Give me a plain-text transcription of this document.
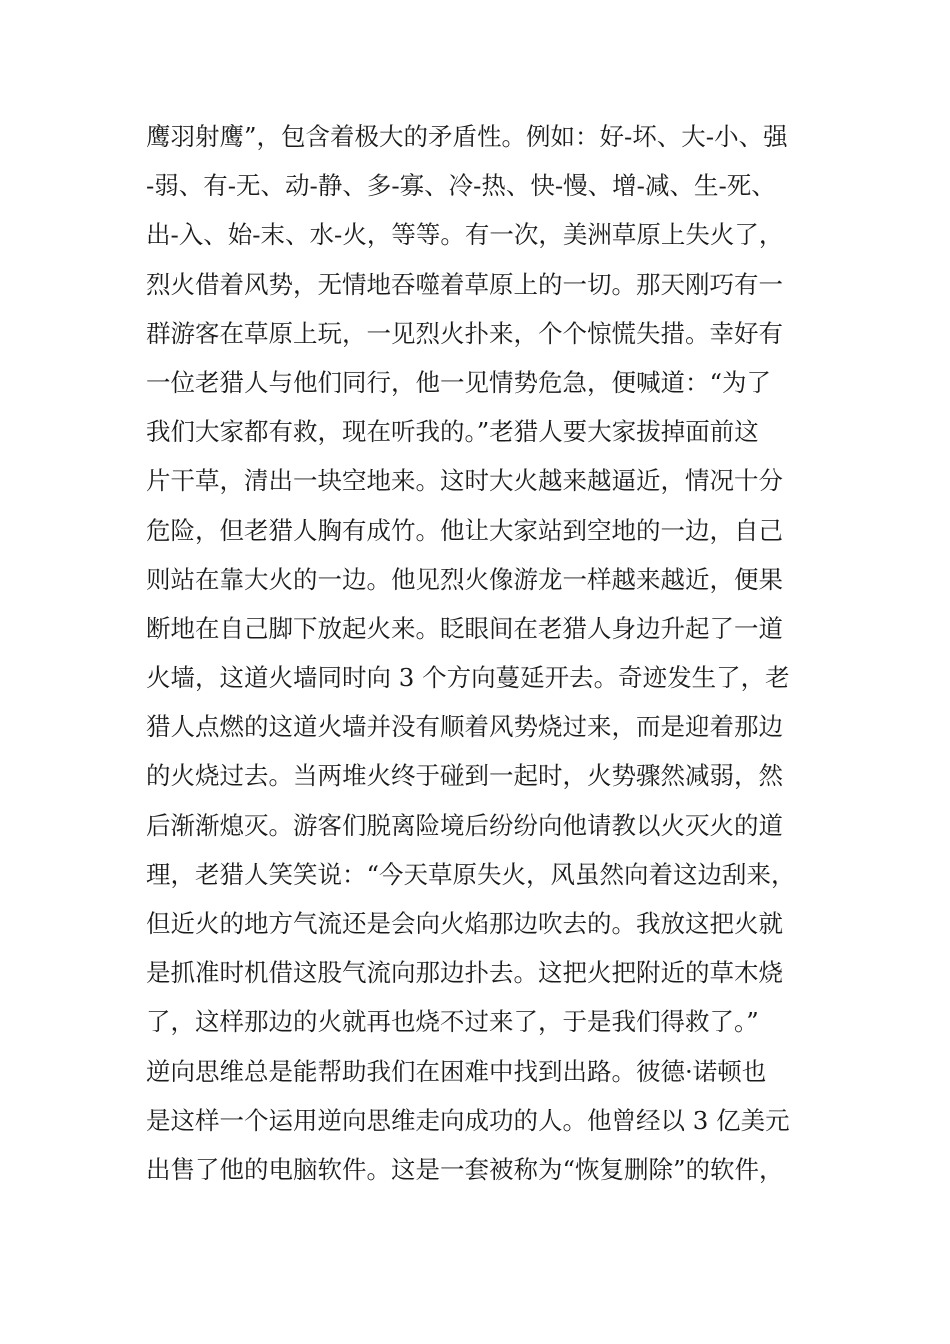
鹰羽射鹰”，包含着极大的矛盾性。例如：好-坏、大-小、强
-弱、有-无、动-静、多-寡、冷-热、快-慢、增-减、生-死、
出-入、始-末、水-火，等等。有一次，美洲草原上失火了，
烈火借着风势，无情地吞噬着草原上的一切。那天刚巧有一
群游客在草原上玩，一见烈火扑来，个个惊慌失措。幸好有
一位老猎人与他们同行，他一见情势危急，便喊道：“为了
我们大家都有救，现在听我的。”老猎人要大家拔掉面前这
片干草，清出一块空地来。这时大火越来越逼近，情况十分
危险，但老猎人胸有成竹。他让大家站到空地的一边，自己
则站在靠大火的一边。他见烈火像游龙一样越来越近，便果
断地在自己脚下放起火来。眨眼间在老猎人身边升起了一道
火墙，这道火墙同时向 3 个方向蔓延开去。奇迹发生了，老
猎人点燃的这道火墙并没有顺着风势烧过来，而是迎着那边
的火烧过去。当两堆火终于碰到一起时，火势骤然减弱，然
后渐渐熄灭。游客们脱离险境后纷纷向他请教以火灭火的道
理，老猎人笑笑说：“今天草原失火，风虽然向着这边刮来，
但近火的地方气流还是会向火焰那边吹去的。我放这把火就
是抓准时机借这股气流向那边扑去。这把火把附近的草木烧
了，这样那边的火就再也烧不过来了，于是我们得救了。”
逆向思维总是能帮助我们在困难中找到出路。彼德·诺顿也
是这样一个运用逆向思维走向成功的人。他曾经以 3 亿美元
出售了他的电脑软件。这是一套被称为“恢复删除”的软件，
